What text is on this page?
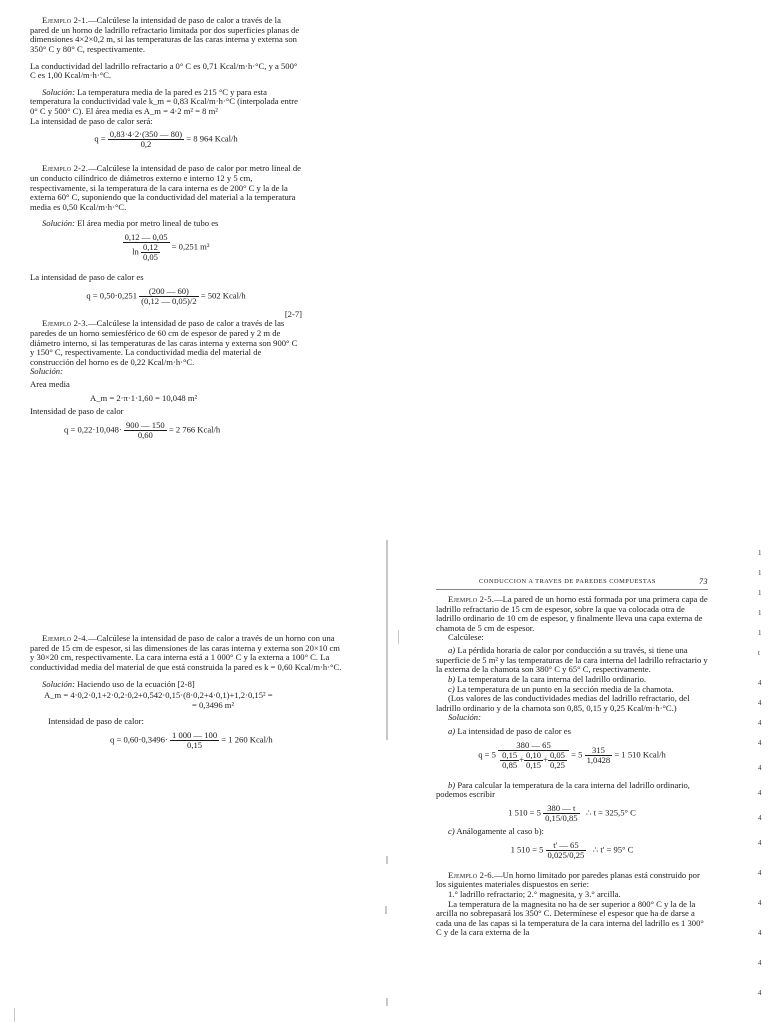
Ejemplo 2-1.—Calcúlese la intensidad de paso de calor a través de la pared de un horno de ladrillo refractario limitada por dos superficies planas de dimensiones 4×2×0,2 m, si las temperaturas de las caras interna y externa son 350° C y 80° C, respectivamente.

La conductividad del ladrillo refractario a 0° C es 0,71 Kcal/m·h·°C, y a 500° C es 1,00 Kcal/m·h·°C.

Solución: La temperatura media de la pared es 215 °C y para esta temperatura la conductividad vale k_m = 0,83 Kcal/m·h·°C (interpolada entre 0° C y 500° C). El área media es A_m = 4·2 m² = 8 m²

La intensidad de paso de calor será:

$q = \frac{0,83\cdot 4\cdot 2\cdot(350 — 80)}{0,2} = 8$ 964 Kcal/h

Ejemplo 2-2.—Calcúlese la intensidad de paso de calor por metro lineal de un conducto cilíndrico de diámetros externo e interno 12 y 5 cm, respectivamente, si la temperatura de la cara interna es de 200° C y la de la externa 60° C, suponiendo que la conductividad del material a la temperatura media es 0,50 Kcal/m·h·°C.

Solución: El área media por metro lineal de tubo es

$\frac{0,12 — 0,05}{\ln \frac{0,12}{0,05}} = 0,251$ m²

La intensidad de paso de calor es

$q = 0,50\cdot 0,251 \frac{(200 — 60)}{(0,12 — 0,05)/2} = 502$ Kcal/h
[2-7]

Ejemplo 2-3.—Calcúlese la intensidad de paso de calor a través de las paredes de un horno semiesférico de 60 cm de espesor de pared y 2 m de diámetro interno, si las temperaturas de las caras interna y externa son 900° C y 150° C, respectivamente. La conductividad media del material de construcción del horno es de 0,22 Kcal/m·h·°C.

Solución:

Area media

A_m = 2·π·1·1,60 = 10,048 m²

Intensidad de paso de calor

$q = 0,22\cdot 10,048\cdot \frac{900 — 150}{0,60} = 2$ 766 Kcal/h

Ejemplo 2-4.—Calcúlese la intensidad de paso de calor a través de un horno con una pared de 15 cm de espesor, si las dimensiones de las caras interna y externa son 20×10 cm y 30×20 cm, respectivamente. La cara interna está a 1 000° C y la externa a 100° C. La conductividad media del material de que está construida la pared es k = 0,60 Kcal/m·h·°C.

Solución: Haciendo uso de la ecuación [2-8]

A_m = 4·0,2·0,1+2·0,2·0,2+0,542·0,15·(8·0,2+4·0,1)+1,2·0,15² =
= 0,3496 m²

Intensidad de paso de calor:

$q = 0,60\cdot 0,3496\cdot \frac{1 000 — 100}{0,15} = 1$ 260 Kcal/h
CONDUCCION A TRAVES DE PAREDES COMPUESTAS	73

Ejemplo 2-5.—La pared de un horno está formada por una primera capa de ladrillo refractario de 15 cm de espesor, sobre la que va colocada otra de ladrillo ordinario de 10 cm de espesor, y finalmente lleva una capa externa de chamota de 5 cm de espesor.

Calcúlese:

a) La pérdida horaria de calor por conducción a su través, si tiene una superficie de 5 m² y las temperaturas de la cara interna del ladrillo refractario y la externa de la chamota son 380° C y 65° C, respectivamente.

b) La temperatura de la cara interna del ladrillo ordinario.

c) La temperatura de un punto en la sección media de la chamota.

(Los valores de las conductividades medias del ladrillo refractario, del ladrillo ordinario y de la chamota son 0,85, 0,15 y 0,25 Kcal/m·h·°C.)

Solución:

a) La intensidad de paso de calor es

$q = 5 \frac{380 — 65}{\frac{0,15}{0,85} + \frac{0,10}{0,15} + \frac{0,05}{0,25}} = 5 \frac{315}{1,0428} = 1$ 510 Kcal/h

b) Para calcular la temperatura de la cara interna del ladrillo ordinario, podemos escribir

1 $510 = 5 \frac{380 — t}{0,15/0,85}$ ∴ t = 325,5° C

c) Análogamente al caso b):

1 $510 = 5 \frac{t' — 65}{0,025/0,25}$ ∴ t' = 95° C

Ejemplo 2-6.—Un horno limitado por paredes planas está construido por los siguientes materiales dispuestos en serie:

1.° ladrillo refractario; 2.° magnesita, y 3.° arcilla.

La temperatura de la magnesita no ha de ser superior a 800° C y la de la arcilla no sobrepasará los 350° C. Determínese el espesor que ha de darse a cada una de las capas si la temperatura de la cara interna del ladrillo es 1 300° C y de la cara externa de la

1
1
1
1
1
t
4
4
4
4
4
4
4
4
4
4
4
4
4
